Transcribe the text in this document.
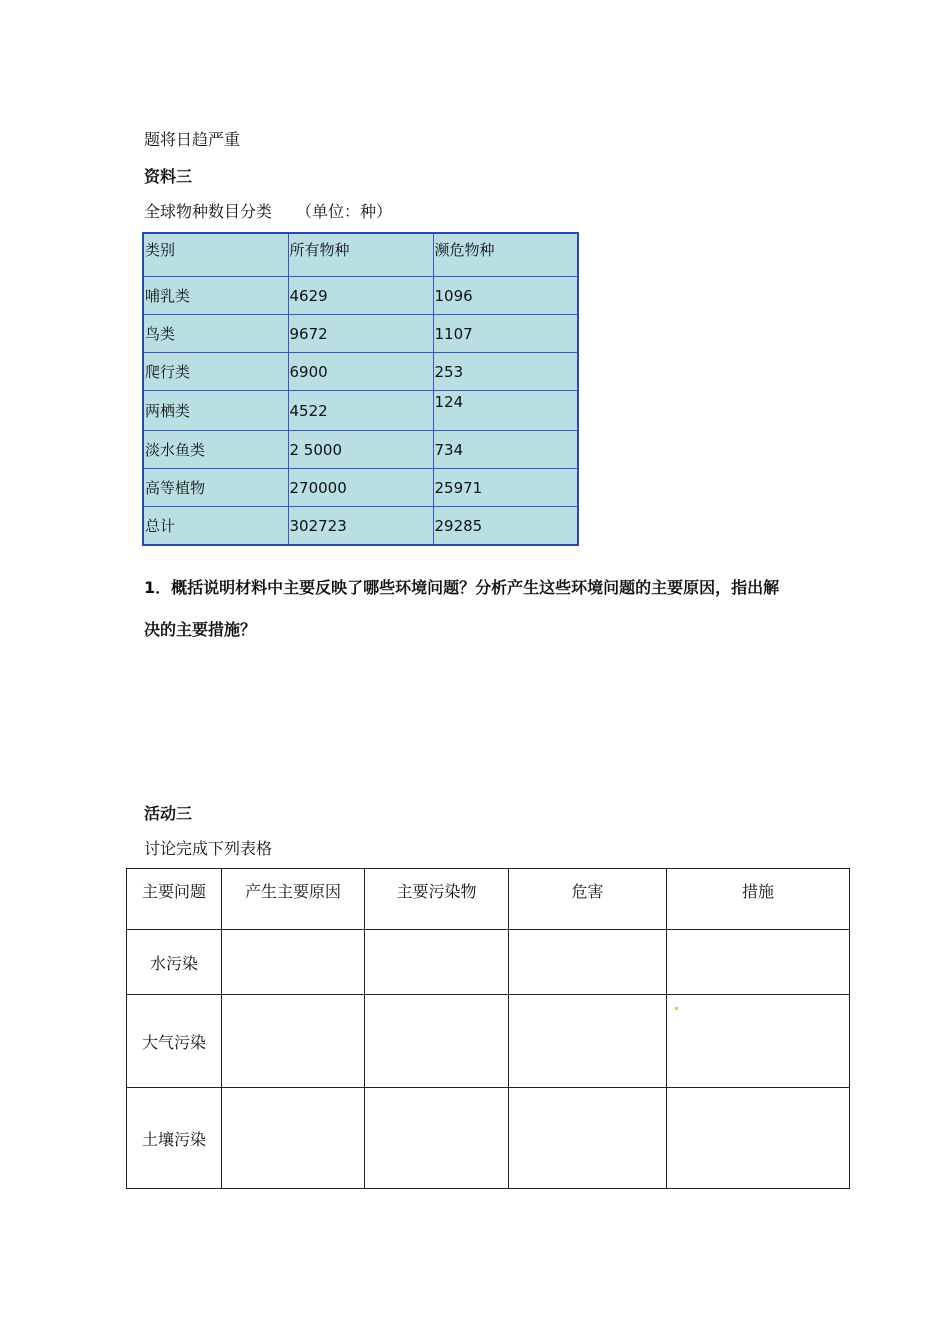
题将日趋严重
资料三
全球物种数目分类　　（单位：种）
类别	所有物种	濒危物种
哺乳类	4629	1096
鸟类	9672	1107
爬行类	6900	253
两栖类	4522	124
淡水鱼类	2 5000	734
高等植物	270000	25971
总计	302723	29285
1．概括说明材料中主要反映了哪些环境问题？分析产生这些环境问题的主要原因，指出解
决的主要措施？
活动三
讨论完成下列表格
主要问题	产生主要原因	主要污染物	危害	措施
水污染				
大气污染				
土壤污染				
